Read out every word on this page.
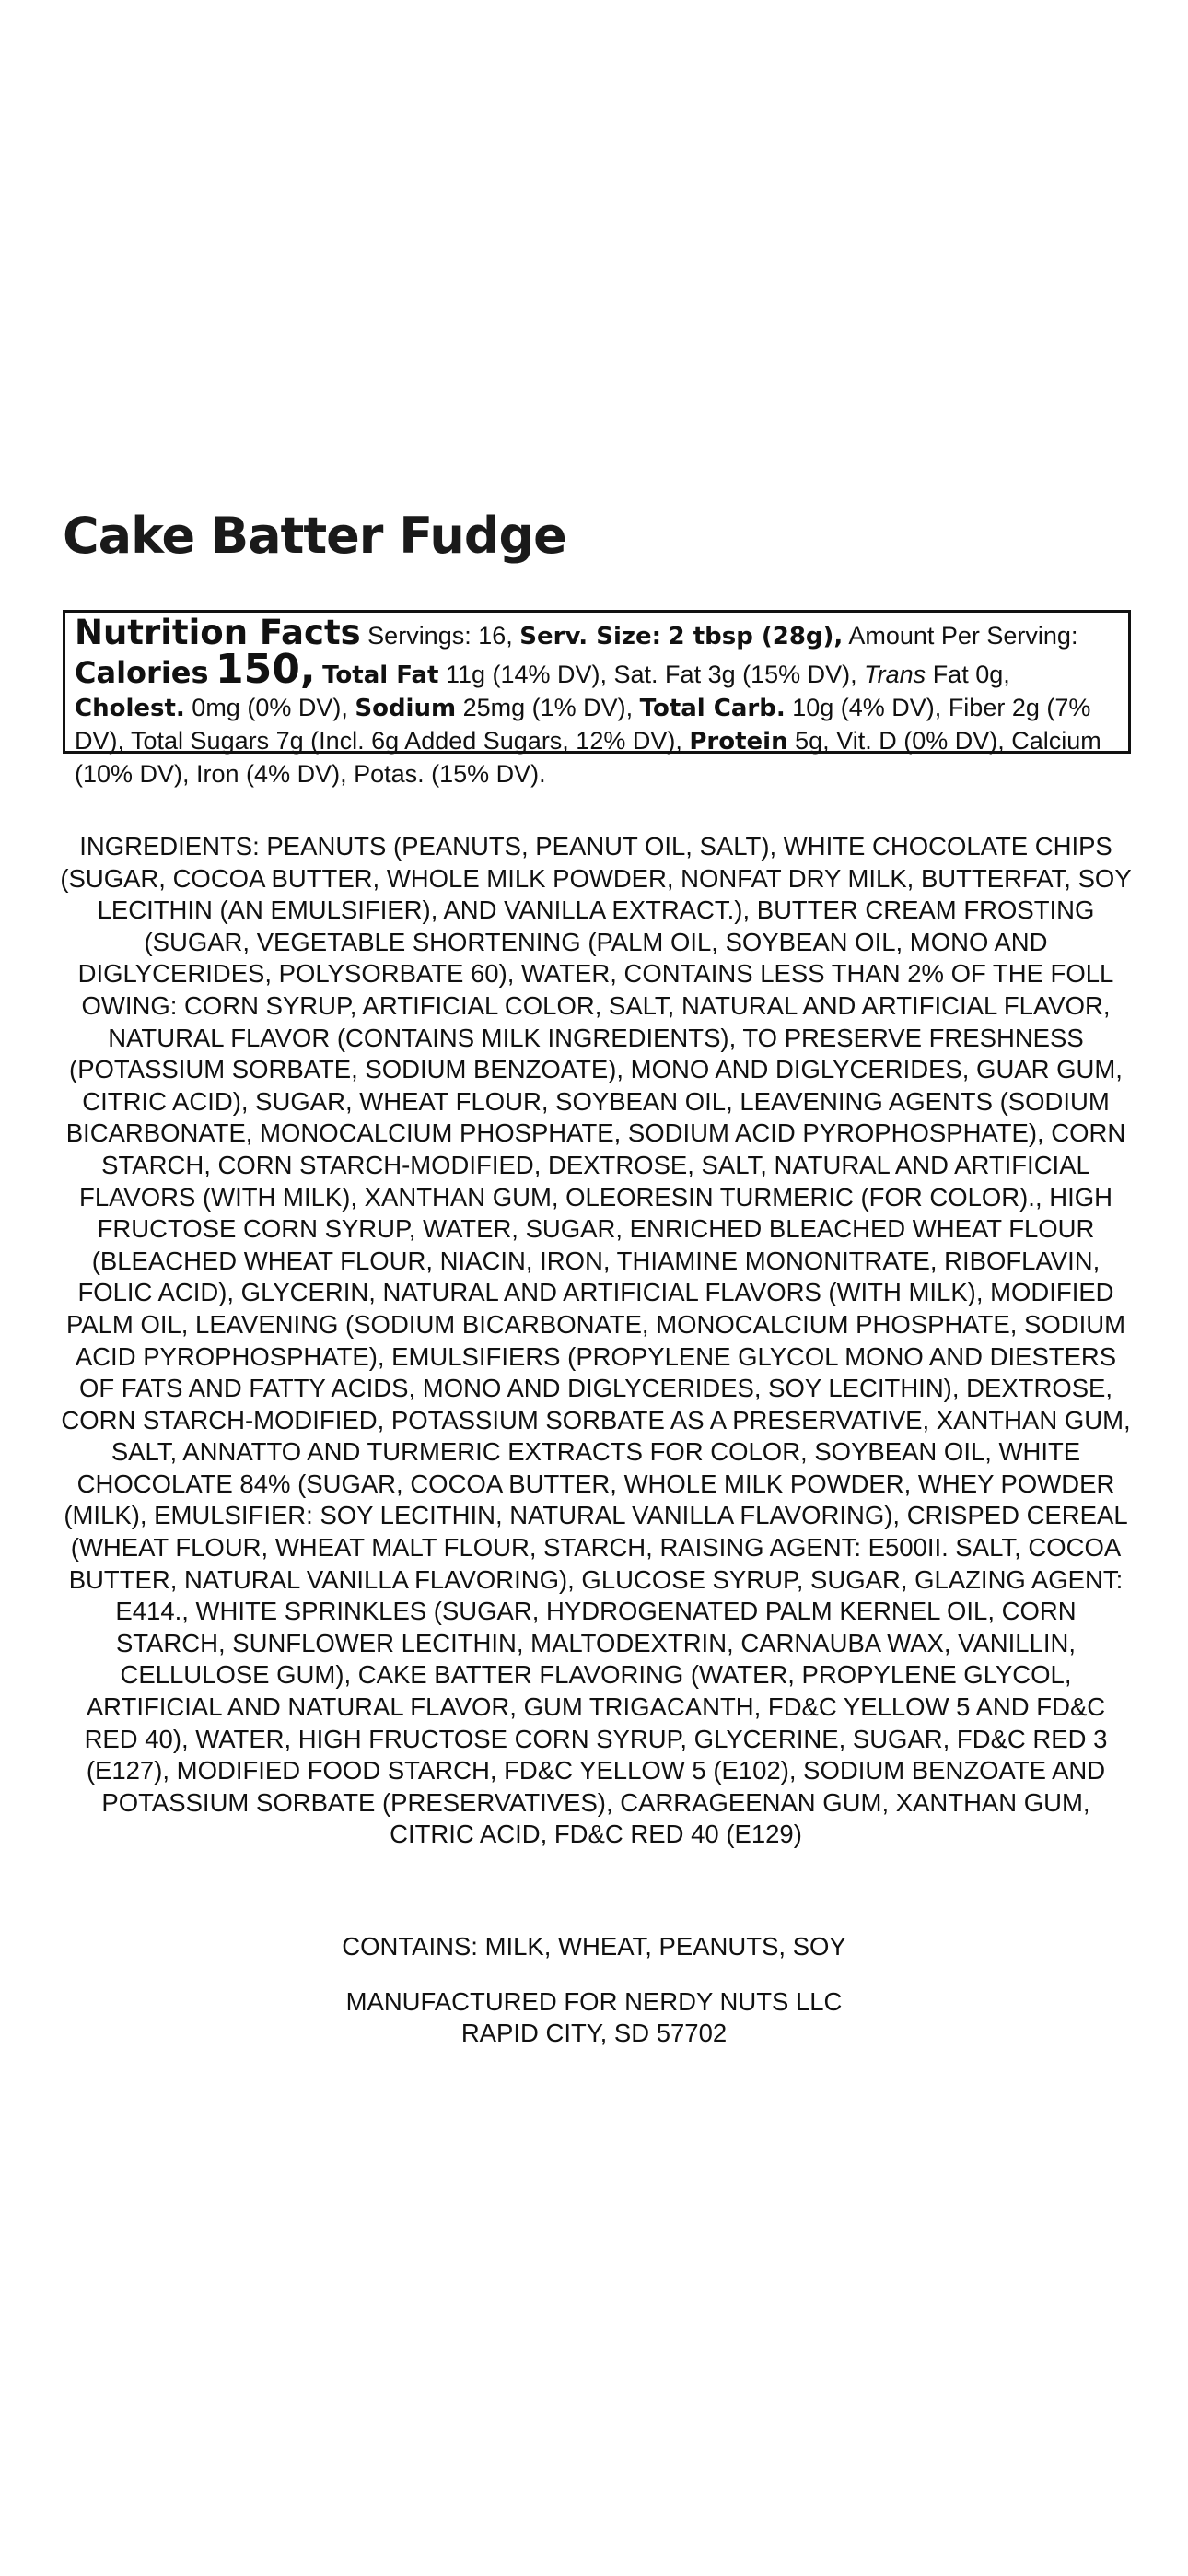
Cake Batter Fudge
Nutrition Facts Servings: 16, Serv. Size: 2 tbsp (28g), Amount Per Serving: Calories 150, Total Fat 11g (14% DV), Sat. Fat 3g (15% DV), Trans Fat 0g, Cholest. 0mg (0% DV), Sodium 25mg (1% DV), Total Carb. 10g (4% DV), Fiber 2g (7% DV), Total Sugars 7g (Incl. 6g Added Sugars, 12% DV), Protein 5g, Vit. D (0% DV), Calcium (10% DV), Iron (4% DV), Potas. (15% DV).

INGREDIENTS: PEANUTS (PEANUTS, PEANUT OIL, SALT), WHITE CHOCOLATE CHIPS (SUGAR, COCOA BUTTER, WHOLE MILK POWDER, NONFAT DRY MILK, BUTTERFAT, SOY LECITHIN (AN EMULSIFIER), AND VANILLA EXTRACT.), BUTTER CREAM FROSTING (SUGAR, VEGETABLE SHORTENING (PALM OIL, SOYBEAN OIL, MONO AND DIGLYCERIDES, POLYSORBATE 60), WATER, CONTAINS LESS THAN 2% OF THE FOLL OWING: CORN SYRUP, ARTIFICIAL COLOR, SALT, NATURAL AND ARTIFICIAL FLAVOR, NATURAL FLAVOR (CONTAINS MILK INGREDIENTS), TO PRESERVE FRESHNESS (POTASSIUM SORBATE, SODIUM BENZOATE), MONO AND DIGLYCERIDES, GUAR GUM, CITRIC ACID), SUGAR, WHEAT FLOUR, SOYBEAN OIL, LEAVENING AGENTS (SODIUM BICARBONATE, MONOCALCIUM PHOSPHATE, SODIUM ACID PYROPHOSPHATE), CORN STARCH, CORN STARCH-MODIFIED, DEXTROSE, SALT, NATURAL AND ARTIFICIAL FLAVORS (WITH MILK), XANTHAN GUM, OLEORESIN TURMERIC (FOR COLOR)., HIGH FRUCTOSE CORN SYRUP, WATER, SUGAR, ENRICHED BLEACHED WHEAT FLOUR (BLEACHED WHEAT FLOUR, NIACIN, IRON, THIAMINE MONONITRATE, RIBOFLAVIN, FOLIC ACID), GLYCERIN, NATURAL AND ARTIFICIAL FLAVORS (WITH MILK), MODIFIED PALM OIL, LEAVENING (SODIUM BICARBONATE, MONOCALCIUM PHOSPHATE, SODIUM ACID PYROPHOSPHATE), EMULSIFIERS (PROPYLENE GLYCOL MONO AND DIESTERS OF FATS AND FATTY ACIDS, MONO AND DIGLYCERIDES, SOY LECITHIN), DEXTROSE, CORN STARCH-MODIFIED, POTASSIUM SORBATE AS A PRESERVATIVE, XANTHAN GUM, SALT, ANNATTO AND TURMERIC EXTRACTS FOR COLOR, SOYBEAN OIL, WHITE CHOCOLATE 84% (SUGAR, COCOA BUTTER, WHOLE MILK POWDER, WHEY POWDER (MILK), EMULSIFIER: SOY LECITHIN, NATURAL VANILLA FLAVORING), CRISPED CEREAL (WHEAT FLOUR, WHEAT MALT FLOUR, STARCH, RAISING AGENT: E500II. SALT, COCOA BUTTER, NATURAL VANILLA FLAVORING), GLUCOSE SYRUP, SUGAR, GLAZING AGENT: E414., WHITE SPRINKLES (SUGAR, HYDROGENATED PALM KERNEL OIL, CORN STARCH, SUNFLOWER LECITHIN, MALTODEXTRIN, CARNAUBA WAX, VANILLIN, CELLULOSE GUM), CAKE BATTER FLAVORING (WATER, PROPYLENE GLYCOL, ARTIFICIAL AND NATURAL FLAVOR, GUM TRIGACANTH, FD&C YELLOW 5 AND FD&C RED 40), WATER, HIGH FRUCTOSE CORN SYRUP, GLYCERINE, SUGAR, FD&C RED 3 (E127), MODIFIED FOOD STARCH, FD&C YELLOW 5 (E102), SODIUM BENZOATE AND POTASSIUM SORBATE (PRESERVATIVES), CARRAGEENAN GUM, XANTHAN GUM, CITRIC ACID, FD&C RED 40 (E129)

CONTAINS: MILK, WHEAT, PEANUTS, SOY

MANUFACTURED FOR NERDY NUTS LLC
RAPID CITY, SD 57702
